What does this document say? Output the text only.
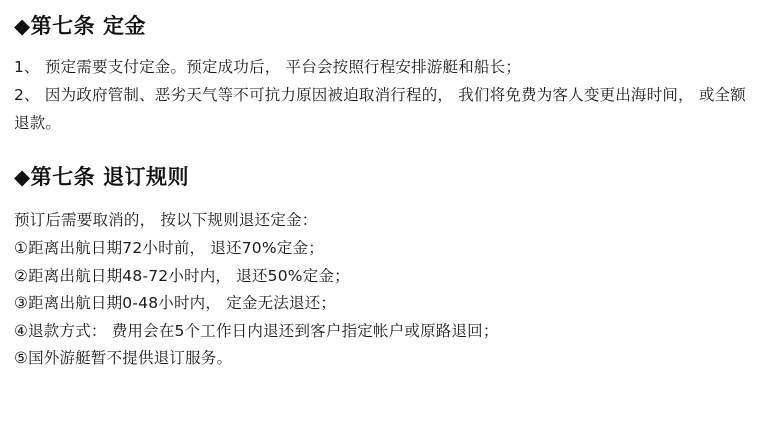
◆第七条
定金

1、 预定需要支付定金。预定成功后， 平台会按照行程安排游艇和船长；

2、 因为政府管制、恶劣天气等不可抗力原因被迫取消行程的， 我们将免费为客人变更出海时间， 或全额退款。

◆第七条
退订规则

预订后需要取消的， 按以下规则退还定金：

①距离出航日期72小时前， 退还70%定金；
②距离出航日期48-72小时内， 退还50%定金；
③距离出航日期0-48小时内， 定金无法退还；
④退款方式： 费用会在5个工作日内退还到客户指定帐户或原路退回；
⑤国外游艇暂不提供退订服务。
